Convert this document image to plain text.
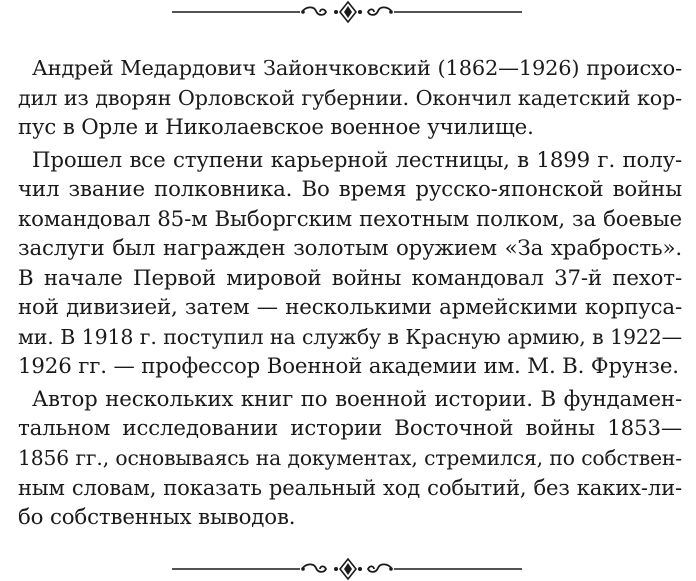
Андрей Медардович Зайончковский (1862—1926) происхо-
дил из дворян Орловской губернии. Окончил кадетский кор-
пус в Орле и Николаевское военное училище.

Прошел все ступени карьерной лестницы, в 1899 г. полу-
чил звание полковника. Во время русско-японской войны
командовал 85-м Выборгским пехотным полком, за боевые
заслуги был награжден золотым оружием «За храбрость».
В начале Первой мировой войны командовал 37-й пехот-
ной дивизией, затем — несколькими армейскими корпуса-
ми. В 1918 г. поступил на службу в Красную армию, в 1922—
1926 гг. — профессор Военной академии им. М. В. Фрунзе.

Автор нескольких книг по военной истории. В фундамен-
тальном исследовании истории Восточной войны 1853—
1856 гг., основываясь на документах, стремился, по собствен-
ным словам, показать реальный ход событий, без каких-ли-
бо собственных выводов.
